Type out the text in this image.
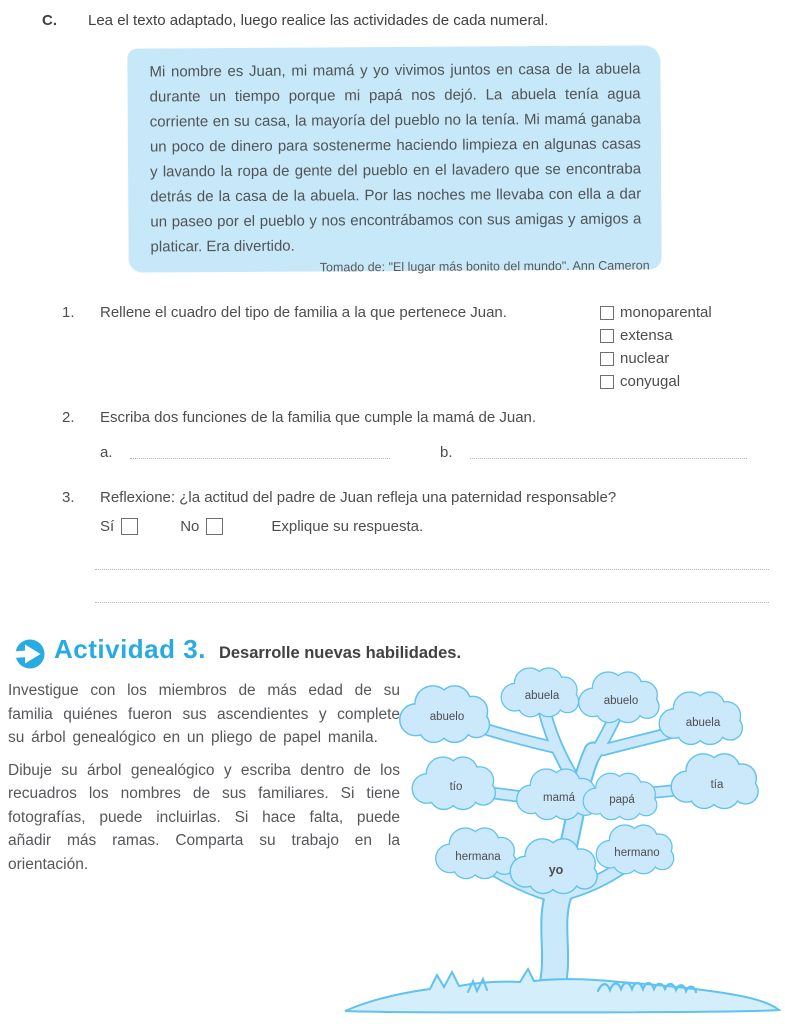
C. Lea el texto adaptado, luego realice las actividades de cada numeral.
Mi nombre es Juan, mi mamá y yo vivimos juntos en casa de la abuela durante un tiempo porque mi papá nos dejó. La abuela tenía agua corriente en su casa, la mayoría del pueblo no la tenía. Mi mamá ganaba un poco de dinero para sostenerme haciendo limpieza en algunas casas y lavando la ropa de gente del pueblo en el lavadero que se encontraba detrás de la casa de la abuela. Por las noches me llevaba con ella a dar un paseo por el pueblo y nos encontrábamos con sus amigas y amigos a platicar. Era divertido.
Tomado de: "El lugar más bonito del mundo". Ann Cameron
1. Rellene el cuadro del tipo de familia a la que pertenece Juan.	monoparental
extensa
nuclear
conyugal
2. Escriba dos funciones de la familia que cumple la mamá de Juan.
a.	b.
3. Reflexione: ¿la actitud del padre de Juan refleja una paternidad responsable?
Sí	No	Explique su respuesta.
Actividad 3. Desarrolle nuevas habilidades.

Investigue con los miembros de más edad de su familia quiénes fueron sus ascendientes y complete su árbol genealógico en un pliego de papel manila.

Dibuje su árbol genealógico y escriba dentro de los recuadros los nombres de sus familiares. Si tiene fotografías, puede incluirlas. Si hace falta, puede añadir más ramas. Comparta su trabajo en la orientación.

abuelo
abuela	abuelo
abuela
tío
mamá	papá
tía
hermana
yo
hermano
